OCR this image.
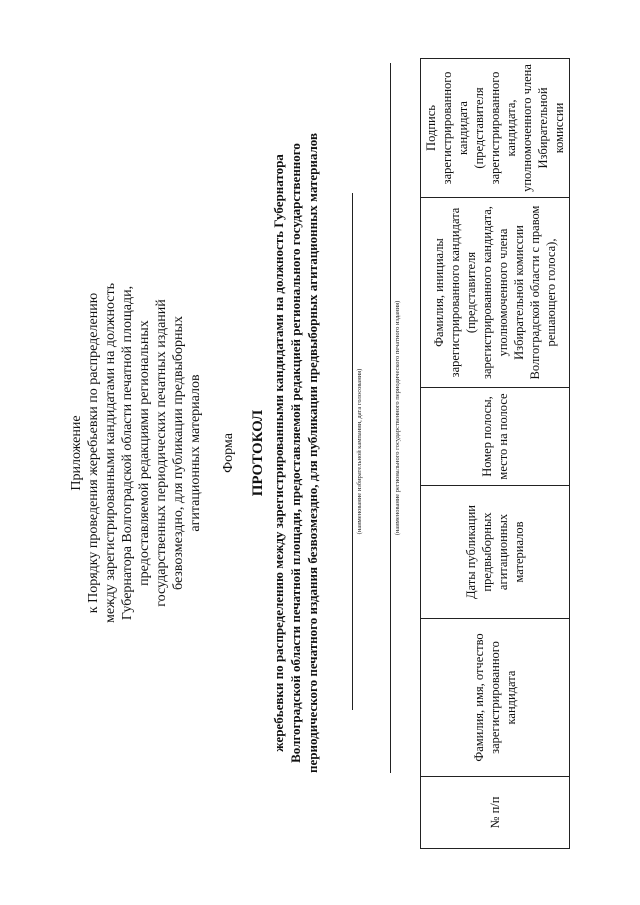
Приложение к Порядку проведения жеребьевки по распределению между зарегистрированными кандидатами на должность Губернатора Волгоградской области печатной площади, предоставляемой редакциями региональных государственных периодических печатных изданий безвозмездно, для публикации предвыборных агитационных материалов Форма ПРОТОКОЛ жеребьевки по распределению между зарегистрированными кандидатами на должность Губернатора Волгоградской области печатной площади, предоставляемой редакцией регионального государственного периодического печатного издания безвозмездно, для публикации предвыборных агитационных материалов	(наименование избирательной кампании, дата голосования)	(наименование регионального государственного периодического печатного издания)
№ п/п	Фамилия, имя, отчество зарегистрированного кандидата	Даты публикации предвыборных агитационных материалов	Номер полосы, место на полосе	Фамилия, инициалы зарегистрированного кандидата (представителя зарегистрированного кандидата, уполномоченного члена Избирательной комиссии Волгоградской области с правом решающего голоса),	Подпись зарегистрированного кандидата (представителя зарегистрированного кандидата, уполномоченного члена Избирательной комиссии
